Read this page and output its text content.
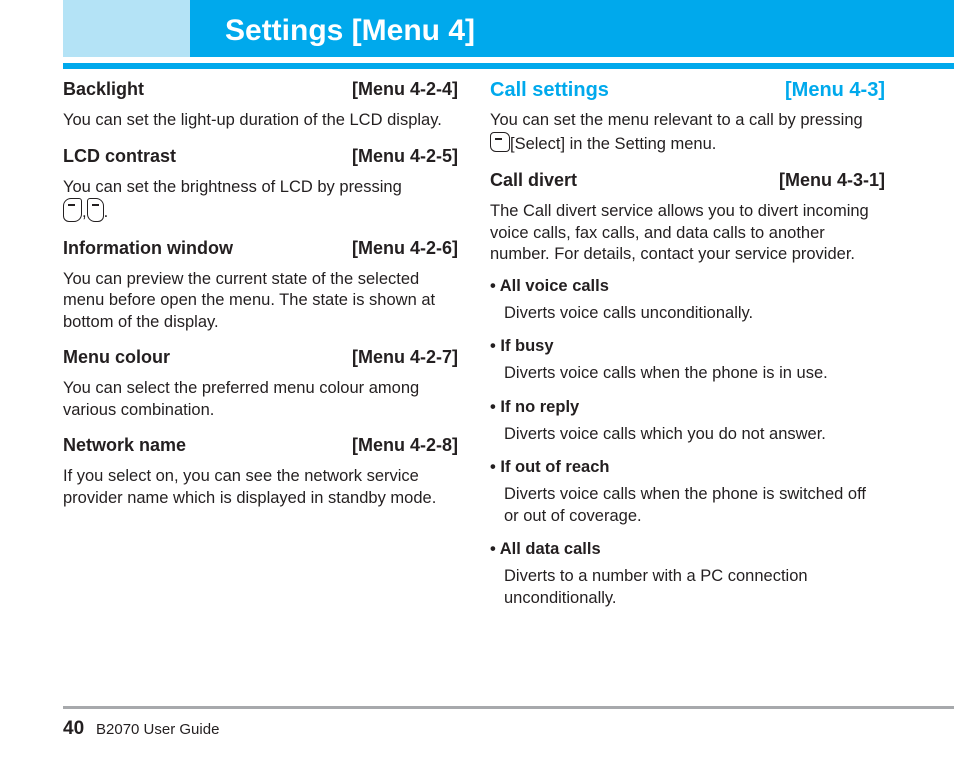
Settings [Menu 4]
Backlight	[Menu 4-2-4]

You can set the light-up duration of the LCD display.

LCD contrast	[Menu 4-2-5]

You can set the brightness of LCD by pressing
, .

Information window	[Menu 4-2-6]

You can preview the current state of the selected menu before open the menu. The state is shown at bottom of the display.

Menu colour	[Menu 4-2-7]

You can select the preferred menu colour among various combination.

Network name	[Menu 4-2-8]

If you select on, you can see the network service provider name which is displayed in standby mode.

Call settings	[Menu 4-3]

You can set the menu relevant to a call by pressing [Select] in the Setting menu.

Call divert	[Menu 4-3-1]

The Call divert service allows you to divert incoming voice calls, fax calls, and data calls to another number. For details, contact your service provider.

• All voice calls

Diverts voice calls unconditionally.

• If busy

Diverts voice calls when the phone is in use.

• If no reply

Diverts voice calls which you do not answer.

• If out of reach

Diverts voice calls when the phone is switched off or out of coverage.

• All data calls

Diverts to a number with a PC connection unconditionally.

40 B2070 User Guide
